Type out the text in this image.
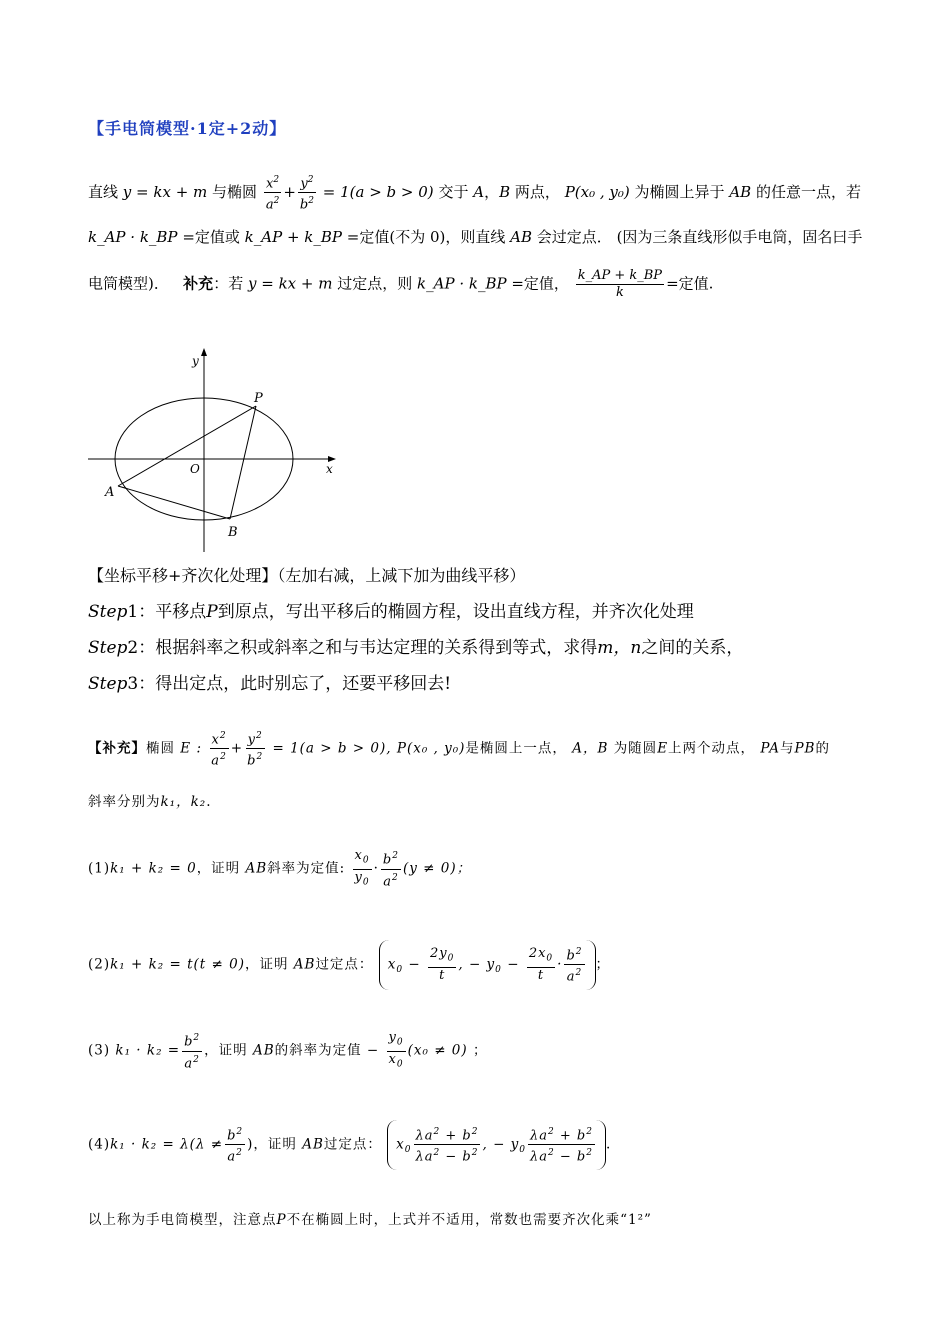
【手电筒模型·1定+2动】
直线 y = kx + m 与椭圆 $\frac{x^2}{a^2} + \frac{y^2}{b^2} = 1(a > b > 0)$ 交于 A，B 两点， P(x₀ , y₀) 为椭圆上异于 AB 的任意一点，若
k_AP · k_BP =定值或 k_AP + k_BP =定值(不为 0)，则直线 AB 会过定点． (因为三条直线形似手电筒，固名曰手
电筒模型)． 补充：若 y = kx + m 过定点，则 k_AP · k_BP =定值， $\frac{k\_AP + k\_BP}{k}$ =定值.
y
x
O
P
A
B
【坐标平移+齐次化处理】（左加右减，上减下加为曲线平移）
Step1：平移点P到原点，写出平移后的椭圆方程，设出直线方程，并齐次化处理
Step2：根据斜率之积或斜率之和与韦达定理的关系得到等式，求得m，n之间的关系，
Step3：得出定点，此时别忘了，还要平移回去!
【补充】椭圆 E : $\frac{x^2}{a^2} + \frac{y^2}{b^2} = 1(a > b > 0)$, P(x₀ , y₀)是椭圆上一点， A，B 为随圆E上两个动点， PA与PB的
斜率分别为k₁，k₂.
(1)k₁ + k₂ = 0，证明 AB斜率为定值: $\frac{x_0}{y_0} \cdot \frac{b^2}{a^2} (y \ne 0)$；
(2)k₁ + k₂ = t(t ≠ 0)，证明 AB过定点： $x_0 - \frac{2y_0}{t}$ , − $y_0 - \frac{2x_0}{t} \cdot \frac{b^2}{a^2}$ ；
(3) $k_1 \cdot k_2 = \frac{b^2}{a^2}$ ，证明 AB的斜率为定值 − $\frac{y_0}{x_0} (x_0 \ne 0)$ ；
$(4)k_1 \cdot k_2 = \lambda(\lambda \ne \frac{b^2}{a^2}$ )，证明 AB过定点： $x_0 \frac{\lambda a^2 + b^2}{\lambda a^2 - b^2}$ , − $y_0 \frac{\lambda a^2 + b^2}{\lambda a^2 - b^2}$ .
以上称为手电筒模型，注意点P不在椭圆上时，上式并不适用，常数也需要齐次化乘“1²”
